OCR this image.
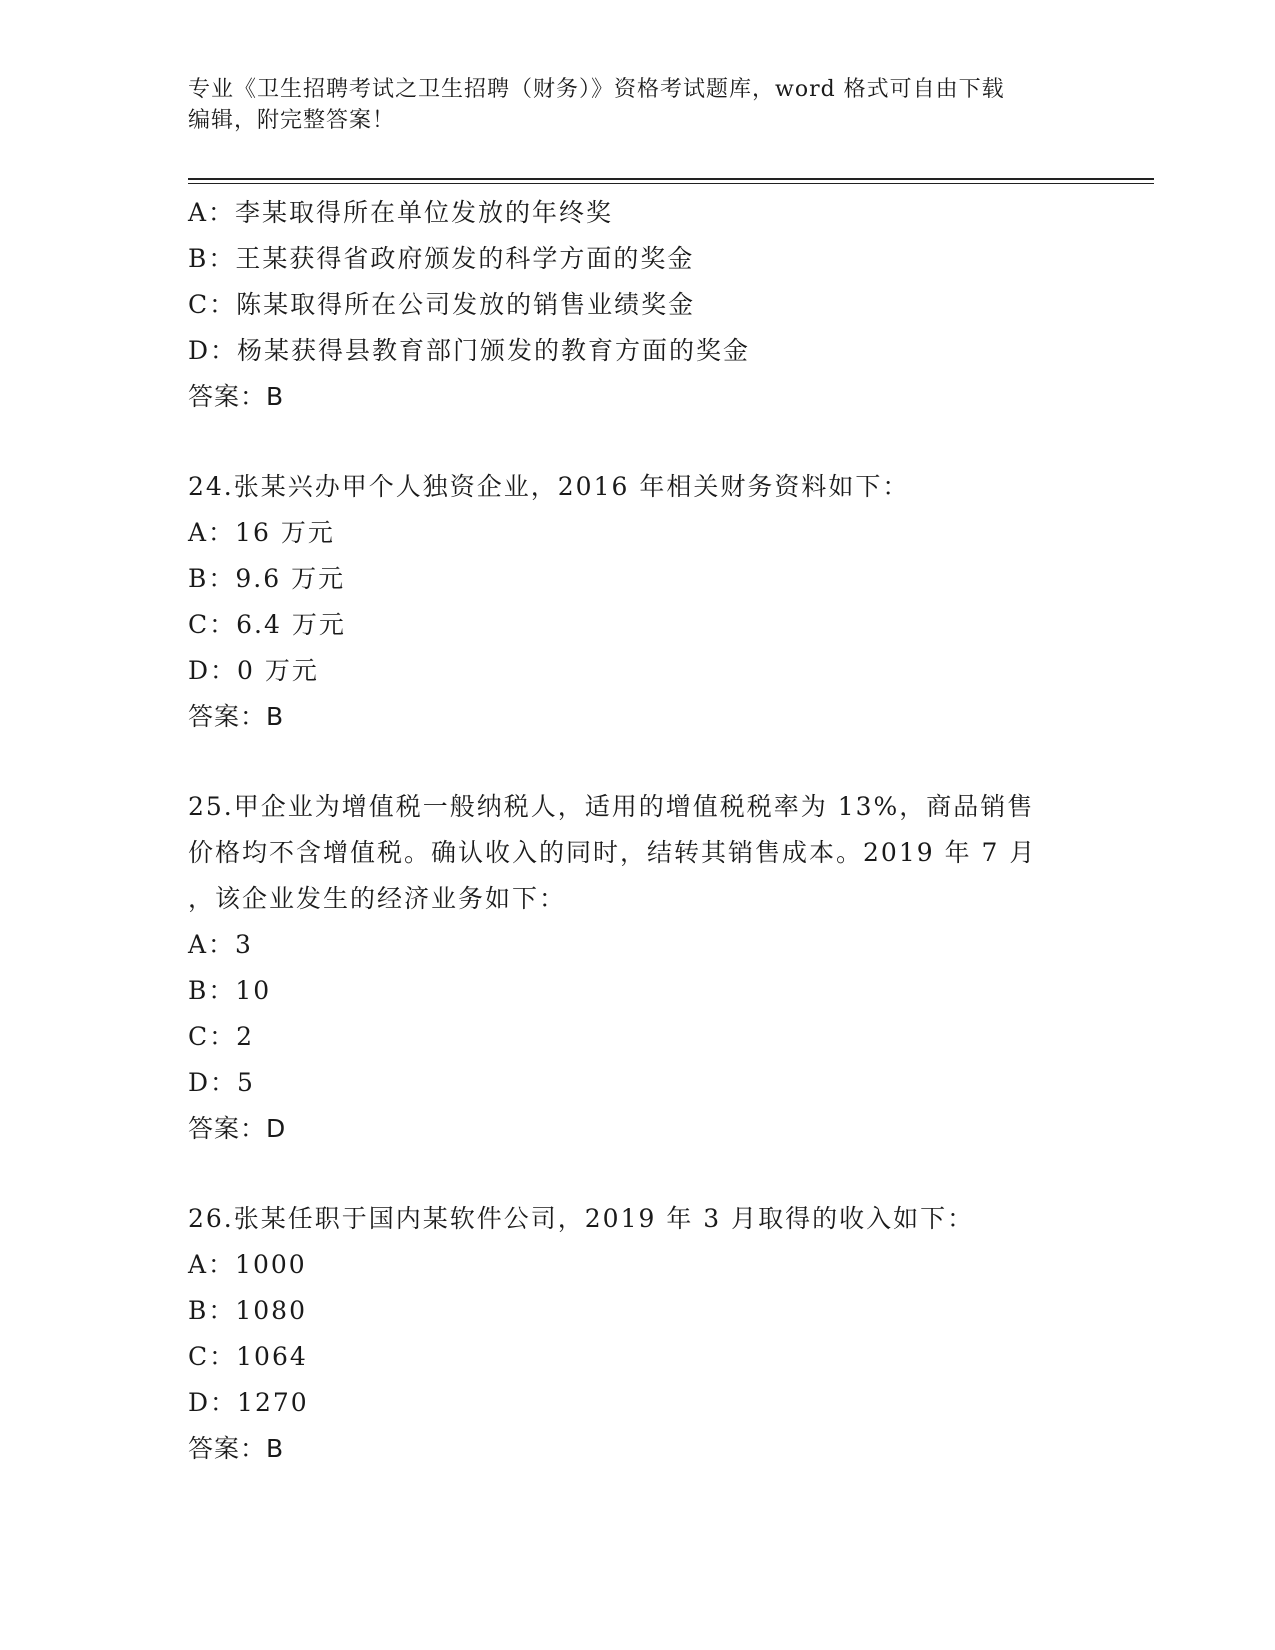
专业《卫生招聘考试之卫生招聘（财务）》资格考试题库，word 格式可自由下载
编辑，附完整答案！
A：李某取得所在单位发放的年终奖
B：王某获得省政府颁发的科学方面的奖金
C：陈某取得所在公司发放的销售业绩奖金
D：杨某获得县教育部门颁发的教育方面的奖金
答案：B
24.张某兴办甲个人独资企业，2016 年相关财务资料如下：
A：16 万元
B：9.6 万元
C：6.4 万元
D：0 万元
答案：B
25.甲企业为增值税一般纳税人，适用的增值税税率为 13%，商品销售
价格均不含增值税。确认收入的同时，结转其销售成本。2019 年 7 月
，该企业发生的经济业务如下：
A：3
B：10
C：2
D：5
答案：D
26.张某任职于国内某软件公司，2019 年 3 月取得的收入如下：
A：1000
B：1080
C：1064
D：1270
答案：B
